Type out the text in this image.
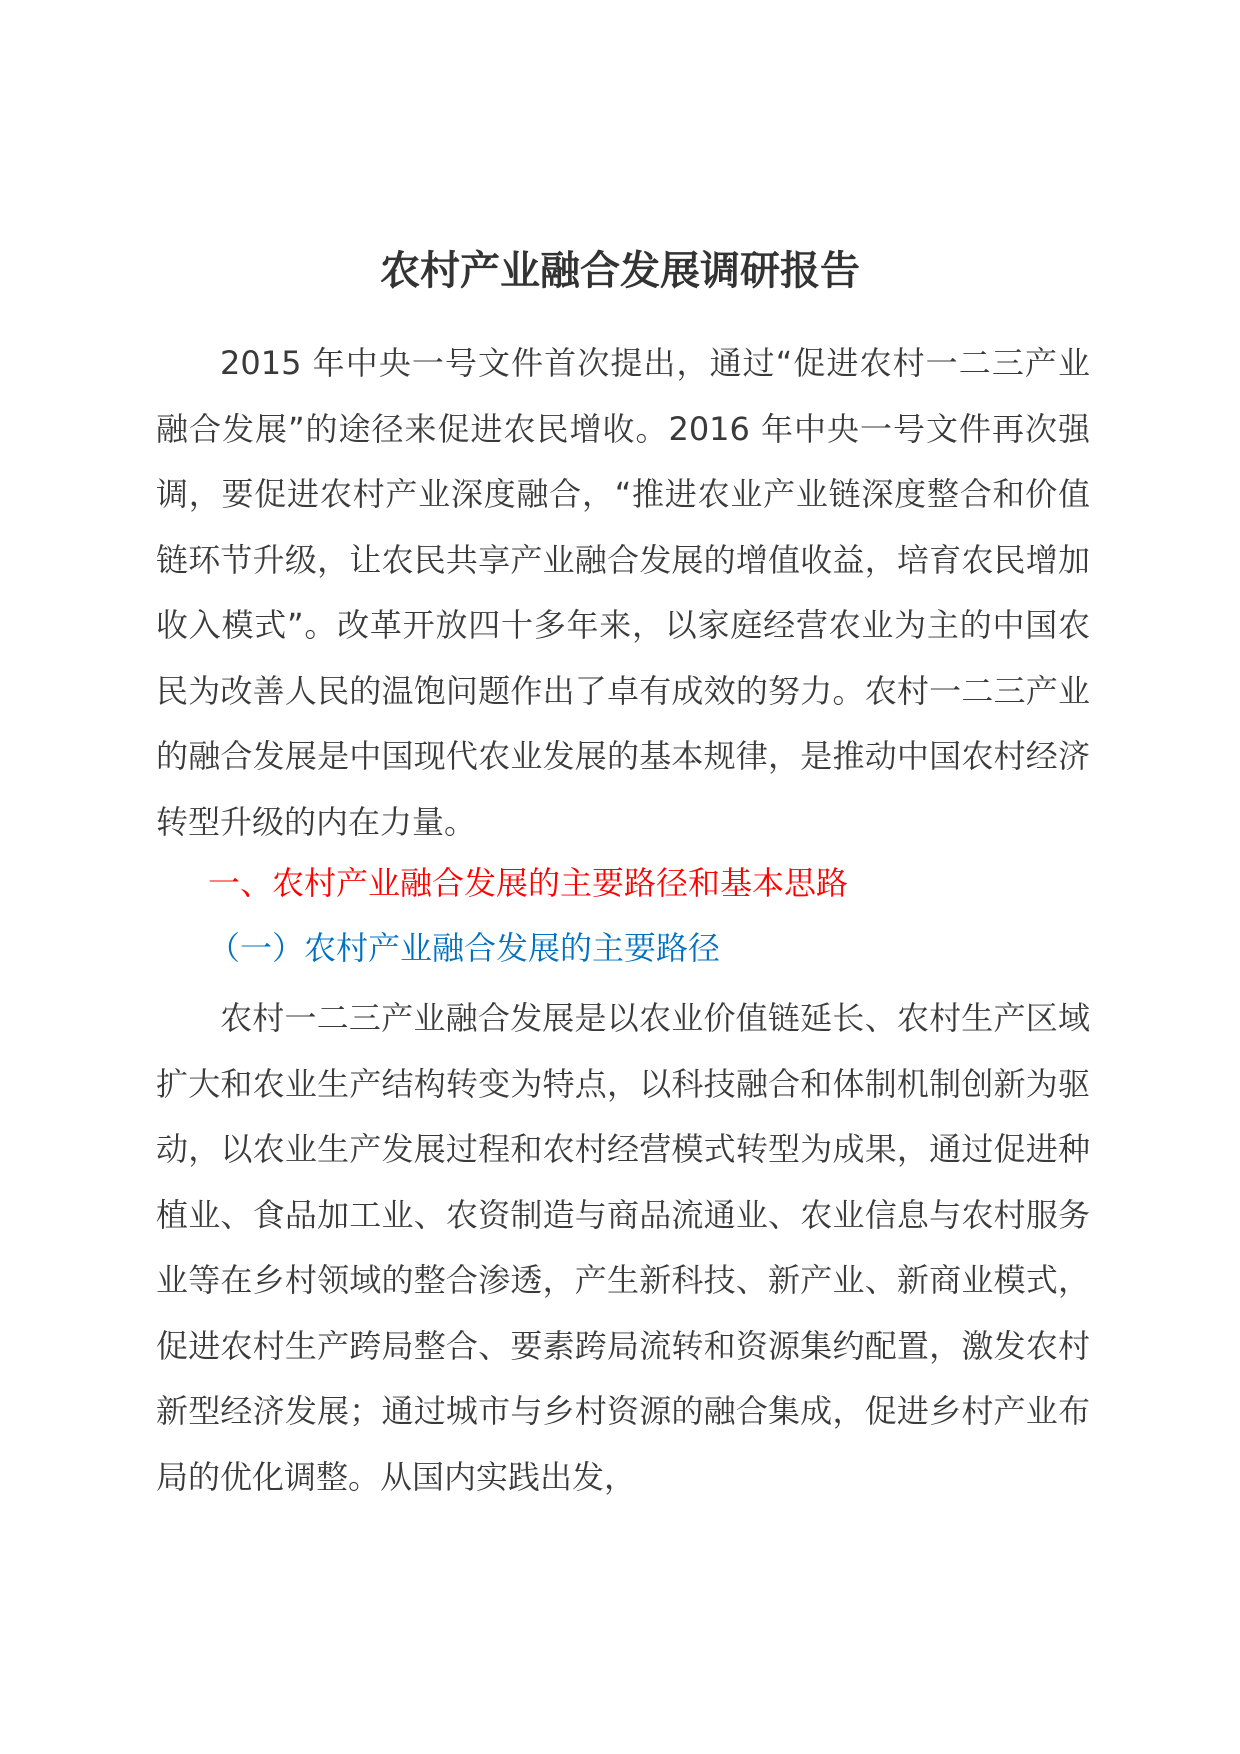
农村产业融合发展调研报告

2015 年中央一号文件首次提出，通过“促进农村一二三产业融合发展”的途径来促进农民增收。2016 年中央一号文件再次强调，要促进农村产业深度融合，“推进农业产业链深度整合和价值链环节升级，让农民共享产业融合发展的增值收益，培育农民增加收入模式”。改革开放四十多年来，以家庭经营农业为主的中国农民为改善人民的温饱问题作出了卓有成效的努力。农村一二三产业的融合发展是中国现代农业发展的基本规律，是推动中国农村经济转型升级的内在力量。

一、农村产业融合发展的主要路径和基本思路
（一）农村产业融合发展的主要路径

农村一二三产业融合发展是以农业价值链延长、农村生产区域扩大和农业生产结构转变为特点，以科技融合和体制机制创新为驱动，以农业生产发展过程和农村经营模式转型为成果，通过促进种植业、食品加工业、农资制造与商品流通业、农业信息与农村服务业等在乡村领域的整合渗透，产生新科技、新产业、新商业模式，促进农村生产跨局整合、要素跨局流转和资源集约配置，激发农村新型经济发展；通过城市与乡村资源的融合集成，促进乡村产业布局的优化调整。从国内实践出发，
